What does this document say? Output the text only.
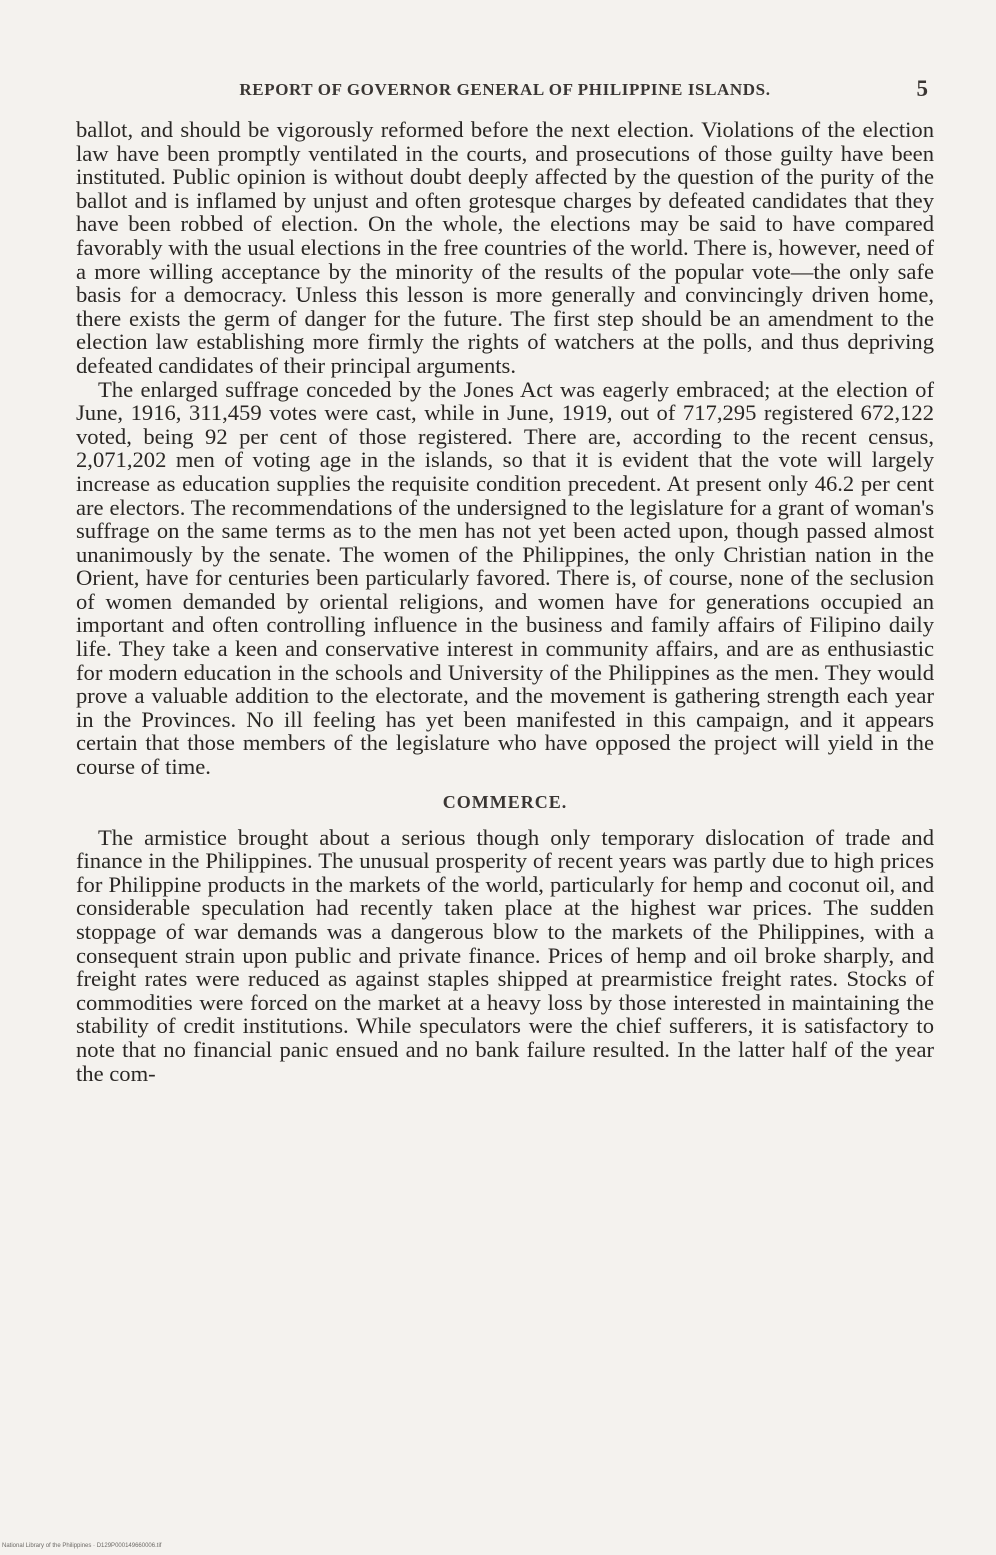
REPORT OF GOVERNOR GENERAL OF PHILIPPINE ISLANDS.	5

ballot, and should be vigorously reformed before the next election. Violations of the election law have been promptly ventilated in the courts, and prosecutions of those guilty have been instituted. Public opinion is without doubt deeply affected by the question of the purity of the ballot and is inflamed by unjust and often grotesque charges by defeated candidates that they have been robbed of election. On the whole, the elections may be said to have compared favorably with the usual elections in the free countries of the world. There is, however, need of a more willing acceptance by the minority of the results of the popular vote—the only safe basis for a democracy. Unless this lesson is more generally and convincingly driven home, there exists the germ of danger for the future. The first step should be an amendment to the election law establishing more firmly the rights of watchers at the polls, and thus depriving defeated candidates of their principal arguments.

The enlarged suffrage conceded by the Jones Act was eagerly embraced; at the election of June, 1916, 311,459 votes were cast, while in June, 1919, out of 717,295 registered 672,122 voted, being 92 per cent of those registered. There are, according to the recent census, 2,071,202 men of voting age in the islands, so that it is evident that the vote will largely increase as education supplies the requisite condition precedent. At present only 46.2 per cent are electors. The recommendations of the undersigned to the legislature for a grant of woman's suffrage on the same terms as to the men has not yet been acted upon, though passed almost unanimously by the senate. The women of the Philippines, the only Christian nation in the Orient, have for centuries been particularly favored. There is, of course, none of the seclusion of women demanded by oriental religions, and women have for generations occupied an important and often controlling influence in the business and family affairs of Filipino daily life. They take a keen and conservative interest in community affairs, and are as enthusiastic for modern education in the schools and University of the Philippines as the men. They would prove a valuable addition to the electorate, and the movement is gathering strength each year in the Provinces. No ill feeling has yet been manifested in this campaign, and it appears certain that those members of the legislature who have opposed the project will yield in the course of time.

COMMERCE.

The armistice brought about a serious though only temporary dislocation of trade and finance in the Philippines. The unusual prosperity of recent years was partly due to high prices for Philippine products in the markets of the world, particularly for hemp and coconut oil, and considerable speculation had recently taken place at the highest war prices. The sudden stoppage of war demands was a dangerous blow to the markets of the Philippines, with a consequent strain upon public and private finance. Prices of hemp and oil broke sharply, and freight rates were reduced as against staples shipped at prearmistice freight rates. Stocks of commodities were forced on the market at a heavy loss by those interested in maintaining the stability of credit institutions. While speculators were the chief sufferers, it is satisfactory to note that no financial panic ensued and no bank failure resulted. In the latter half of the year the com-

National Library of the Philippines · D129P000149660006.tif
